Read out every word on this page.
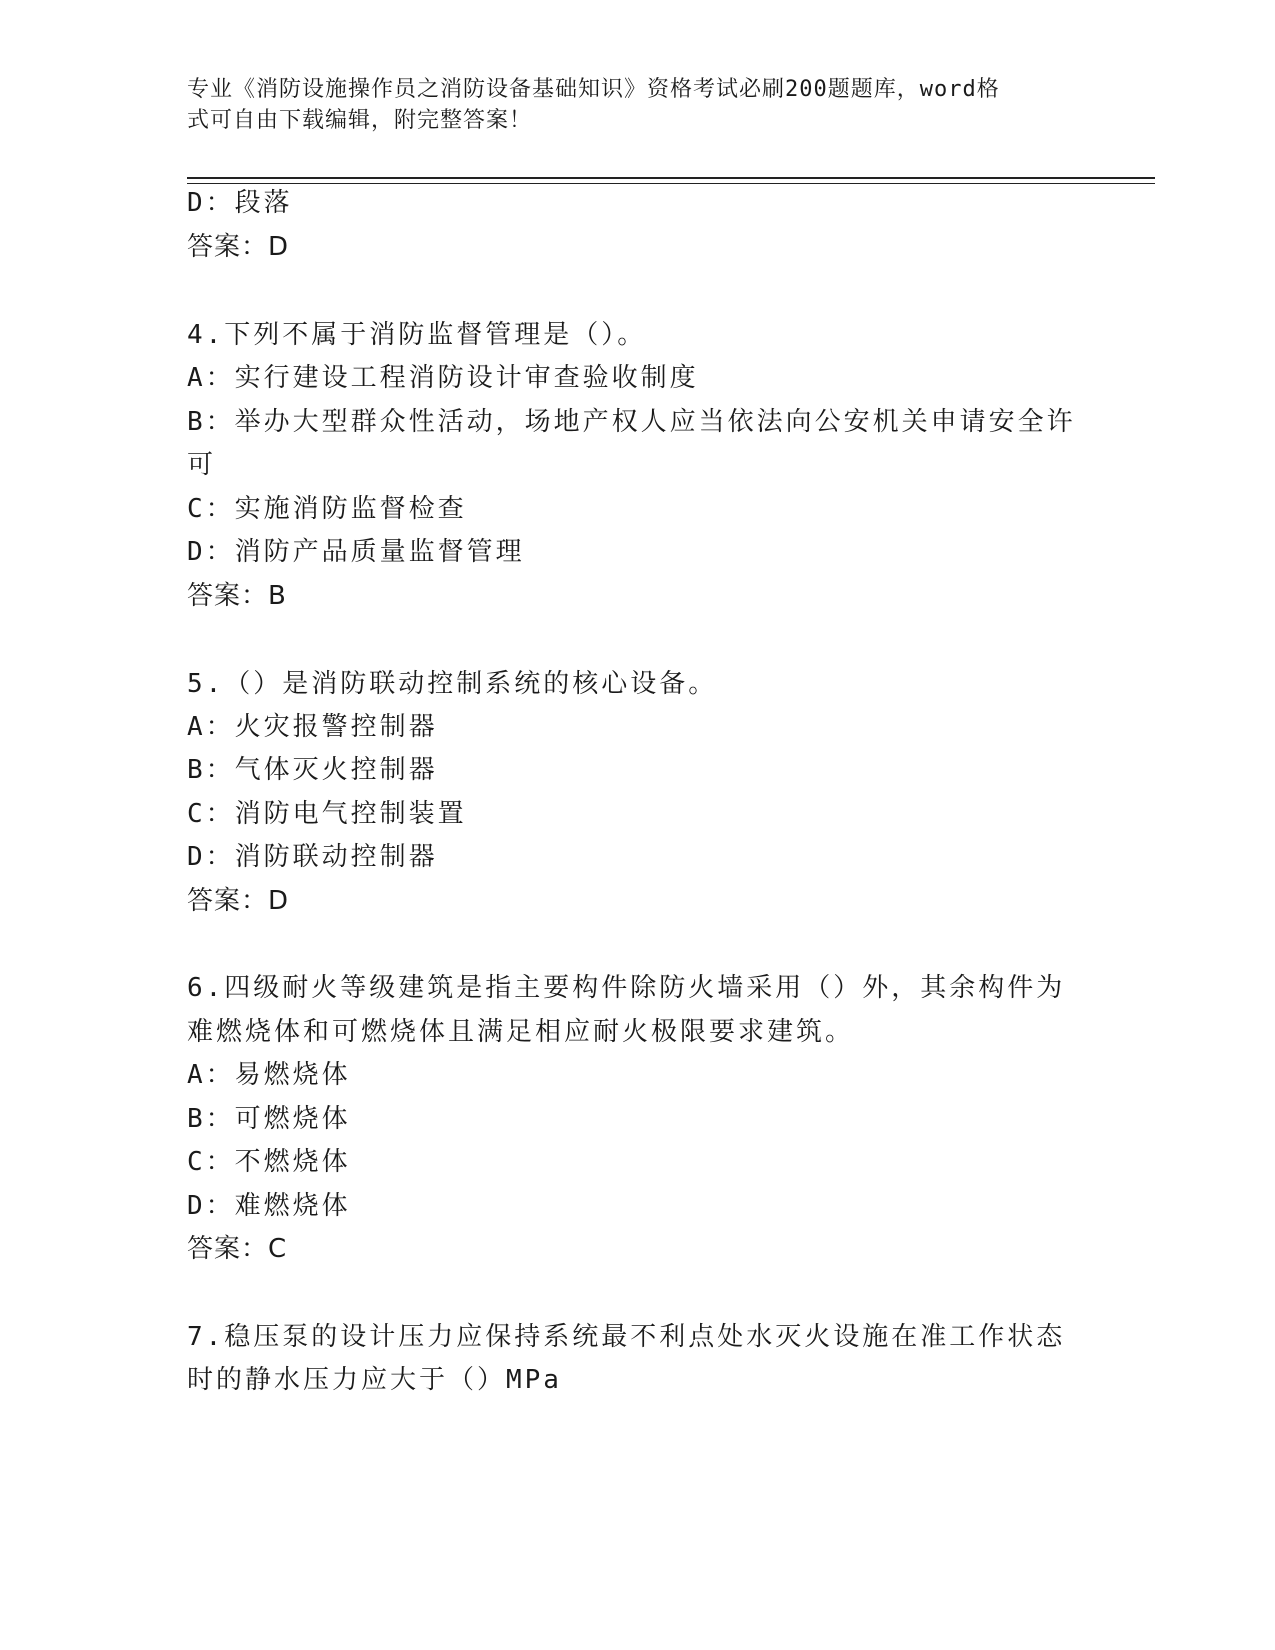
专业《消防设施操作员之消防设备基础知识》资格考试必刷200题题库，word格
式可自由下载编辑，附完整答案！
D：段落
答案：D
4.下列不属于消防监督管理是（）。
A：实行建设工程消防设计审查验收制度
B：举办大型群众性活动，场地产权人应当依法向公安机关申请安全许
可
C：实施消防监督检查
D：消防产品质量监督管理
答案：B
5.（）是消防联动控制系统的核心设备。
A：火灾报警控制器
B：气体灭火控制器
C：消防电气控制装置
D：消防联动控制器
答案：D
6.四级耐火等级建筑是指主要构件除防火墙采用（）外，其余构件为
难燃烧体和可燃烧体且满足相应耐火极限要求建筑。
A：易燃烧体
B：可燃烧体
C：不燃烧体
D：难燃烧体
答案：C
7.稳压泵的设计压力应保持系统最不利点处水灭火设施在准工作状态
时的静水压力应大于（）MPa
